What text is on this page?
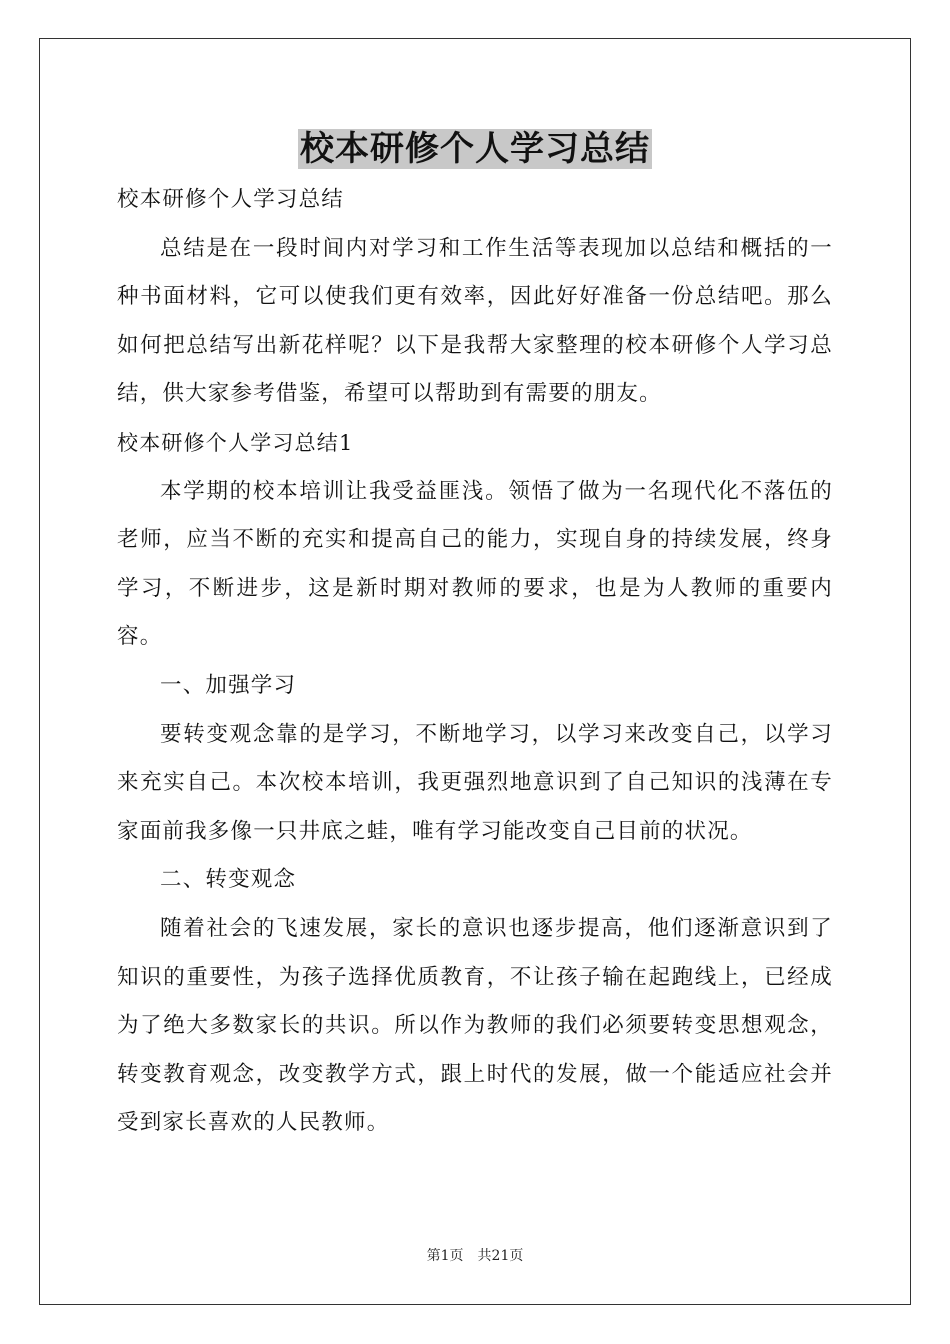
校本研修个人学习总结

校本研修个人学习总结

总结是在一段时间内对学习和工作生活等表现加以总结和概括的一种书面材料，它可以使我们更有效率，因此好好准备一份总结吧。那么如何把总结写出新花样呢？以下是我帮大家整理的校本研修个人学习总结，供大家参考借鉴，希望可以帮助到有需要的朋友。

校本研修个人学习总结1

本学期的校本培训让我受益匪浅。领悟了做为一名现代化不落伍的老师，应当不断的充实和提高自己的能力，实现自身的持续发展，终身学习，不断进步，这是新时期对教师的要求，也是为人教师的重要内容。

一、加强学习

要转变观念靠的是学习，不断地学习，以学习来改变自己，以学习来充实自己。本次校本培训，我更强烈地意识到了自己知识的浅薄在专家面前我多像一只井底之蛙，唯有学习能改变自己目前的状况。

二、转变观念

随着社会的飞速发展，家长的意识也逐步提高，他们逐渐意识到了知识的重要性，为孩子选择优质教育，不让孩子输在起跑线上，已经成为了绝大多数家长的共识。所以作为教师的我们必须要转变思想观念，转变教育观念，改变教学方式，跟上时代的发展，做一个能适应社会并受到家长喜欢的人民教师。

第1页 共21页
